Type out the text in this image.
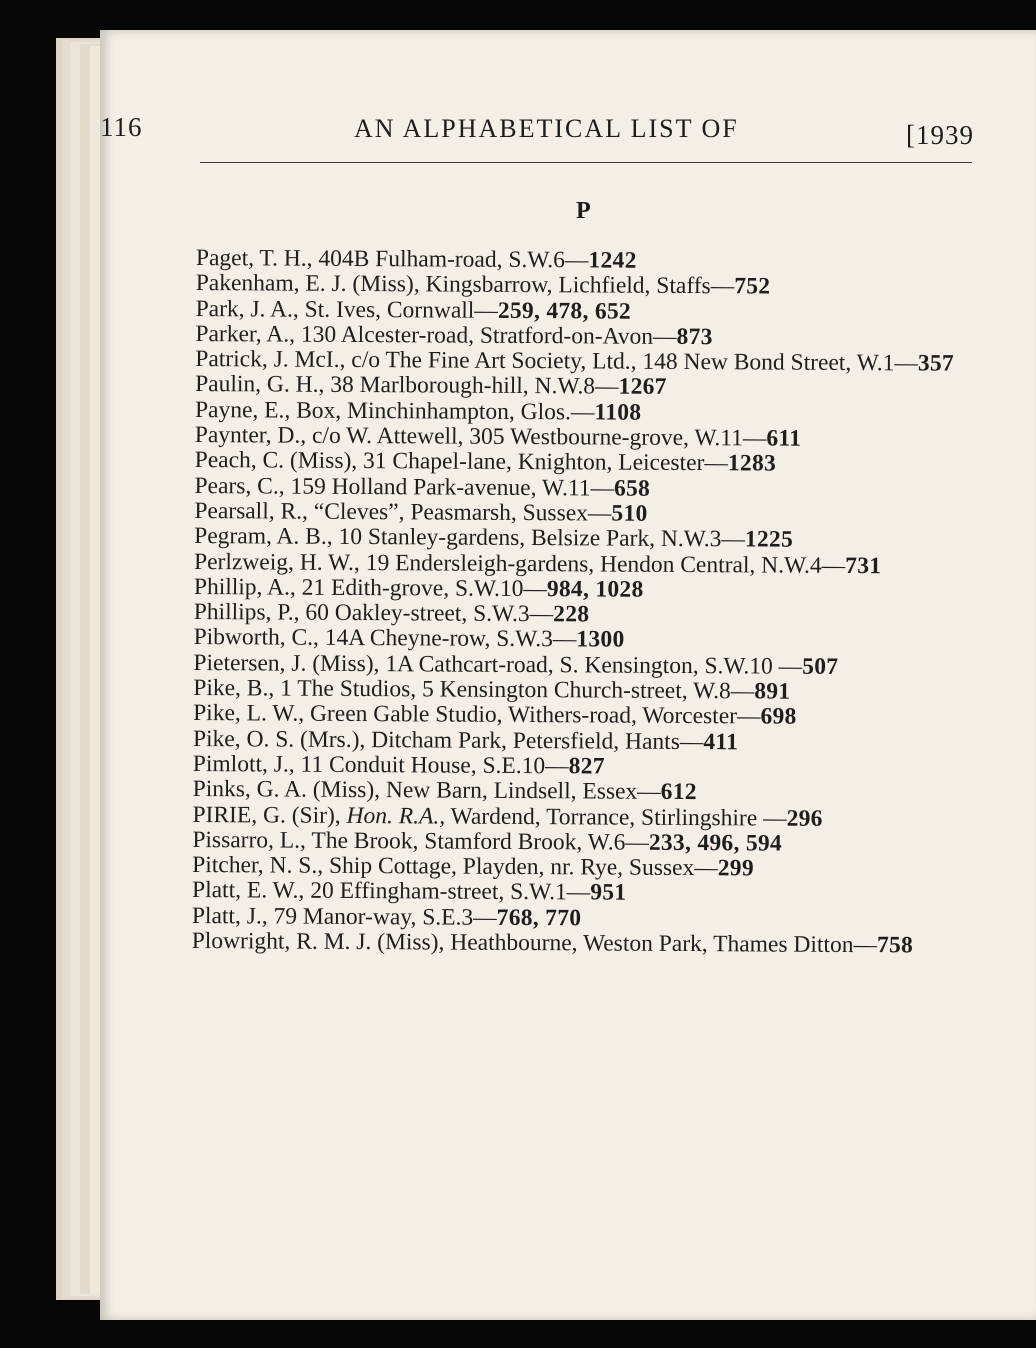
116	AN ALPHABETICAL LIST OF	[1939
P
Paget, T. H., 404B Fulham-road, S.W.6—1242
Pakenham, E. J. (Miss), Kingsbarrow, Lichfield, Staffs—752
Park, J. A., St. Ives, Cornwall—259, 478, 652
Parker, A., 130 Alcester-road, Stratford-on-Avon—873
Patrick, J. McI., c/o The Fine Art Society, Ltd., 148 New Bond Street, W.1—357
Paulin, G. H., 38 Marlborough-hill, N.W.8—1267
Payne, E., Box, Minchinhampton, Glos.—1108
Paynter, D., c/o W. Attewell, 305 Westbourne-grove, W.11—611
Peach, C. (Miss), 31 Chapel-lane, Knighton, Leicester—1283
Pears, C., 159 Holland Park-avenue, W.11—658
Pearsall, R., “Cleves”, Peasmarsh, Sussex—510
Pegram, A. B., 10 Stanley-gardens, Belsize Park, N.W.3—1225
Perlzweig, H. W., 19 Endersleigh-gardens, Hendon Central, N.W.4—731
Phillip, A., 21 Edith-grove, S.W.10—984, 1028
Phillips, P., 60 Oakley-street, S.W.3—228
Pibworth, C., 14A Cheyne-row, S.W.3—1300
Pietersen, J. (Miss), 1A Cathcart-road, S. Kensington, S.W.10 —507
Pike, B., 1 The Studios, 5 Kensington Church-street, W.8—891
Pike, L. W., Green Gable Studio, Withers-road, Worcester—698
Pike, O. S. (Mrs.), Ditcham Park, Petersfield, Hants—411
Pimlott, J., 11 Conduit House, S.E.10—827
Pinks, G. A. (Miss), New Barn, Lindsell, Essex—612
PIRIE, G. (Sir), Hon. R.A., Wardend, Torrance, Stirlingshire —296
Pissarro, L., The Brook, Stamford Brook, W.6—233, 496, 594
Pitcher, N. S., Ship Cottage, Playden, nr. Rye, Sussex—299
Platt, E. W., 20 Effingham-street, S.W.1—951
Platt, J., 79 Manor-way, S.E.3—768, 770
Plowright, R. M. J. (Miss), Heathbourne, Weston Park, Thames Ditton—758
